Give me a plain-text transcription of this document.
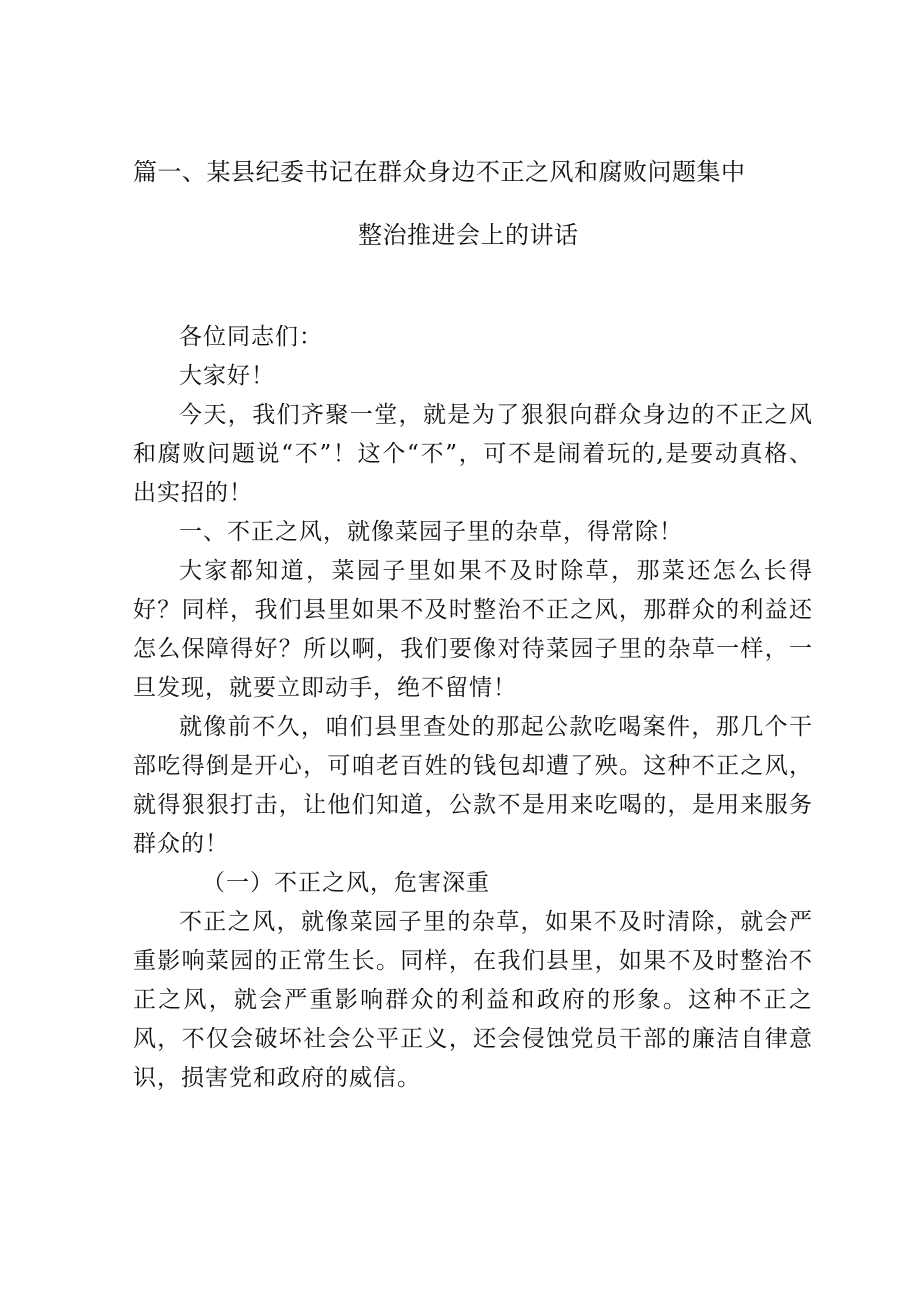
篇一、某县纪委书记在群众身边不正之风和腐败问题集中
整治推进会上的讲话

各位同志们：

大家好！

今天，我们齐聚一堂，就是为了狠狠向群众身边的不正之风和腐败问题说“不”！这个“不”，可不是闹着玩的,是要动真格、出实招的！

一、不正之风，就像菜园子里的杂草，得常除！

大家都知道，菜园子里如果不及时除草，那菜还怎么长得好？同样，我们县里如果不及时整治不正之风，那群众的利益还怎么保障得好？所以啊，我们要像对待菜园子里的杂草一样，一旦发现，就要立即动手，绝不留情！

就像前不久，咱们县里查处的那起公款吃喝案件，那几个干部吃得倒是开心，可咱老百姓的钱包却遭了殃。这种不正之风，就得狠狠打击，让他们知道，公款不是用来吃喝的，是用来服务群众的！

（一）不正之风，危害深重

不正之风，就像菜园子里的杂草，如果不及时清除，就会严重影响菜园的正常生长。同样，在我们县里，如果不及时整治不正之风，就会严重影响群众的利益和政府的形象。这种不正之风，不仅会破坏社会公平正义，还会侵蚀党员干部的廉洁自律意识，损害党和政府的威信。
